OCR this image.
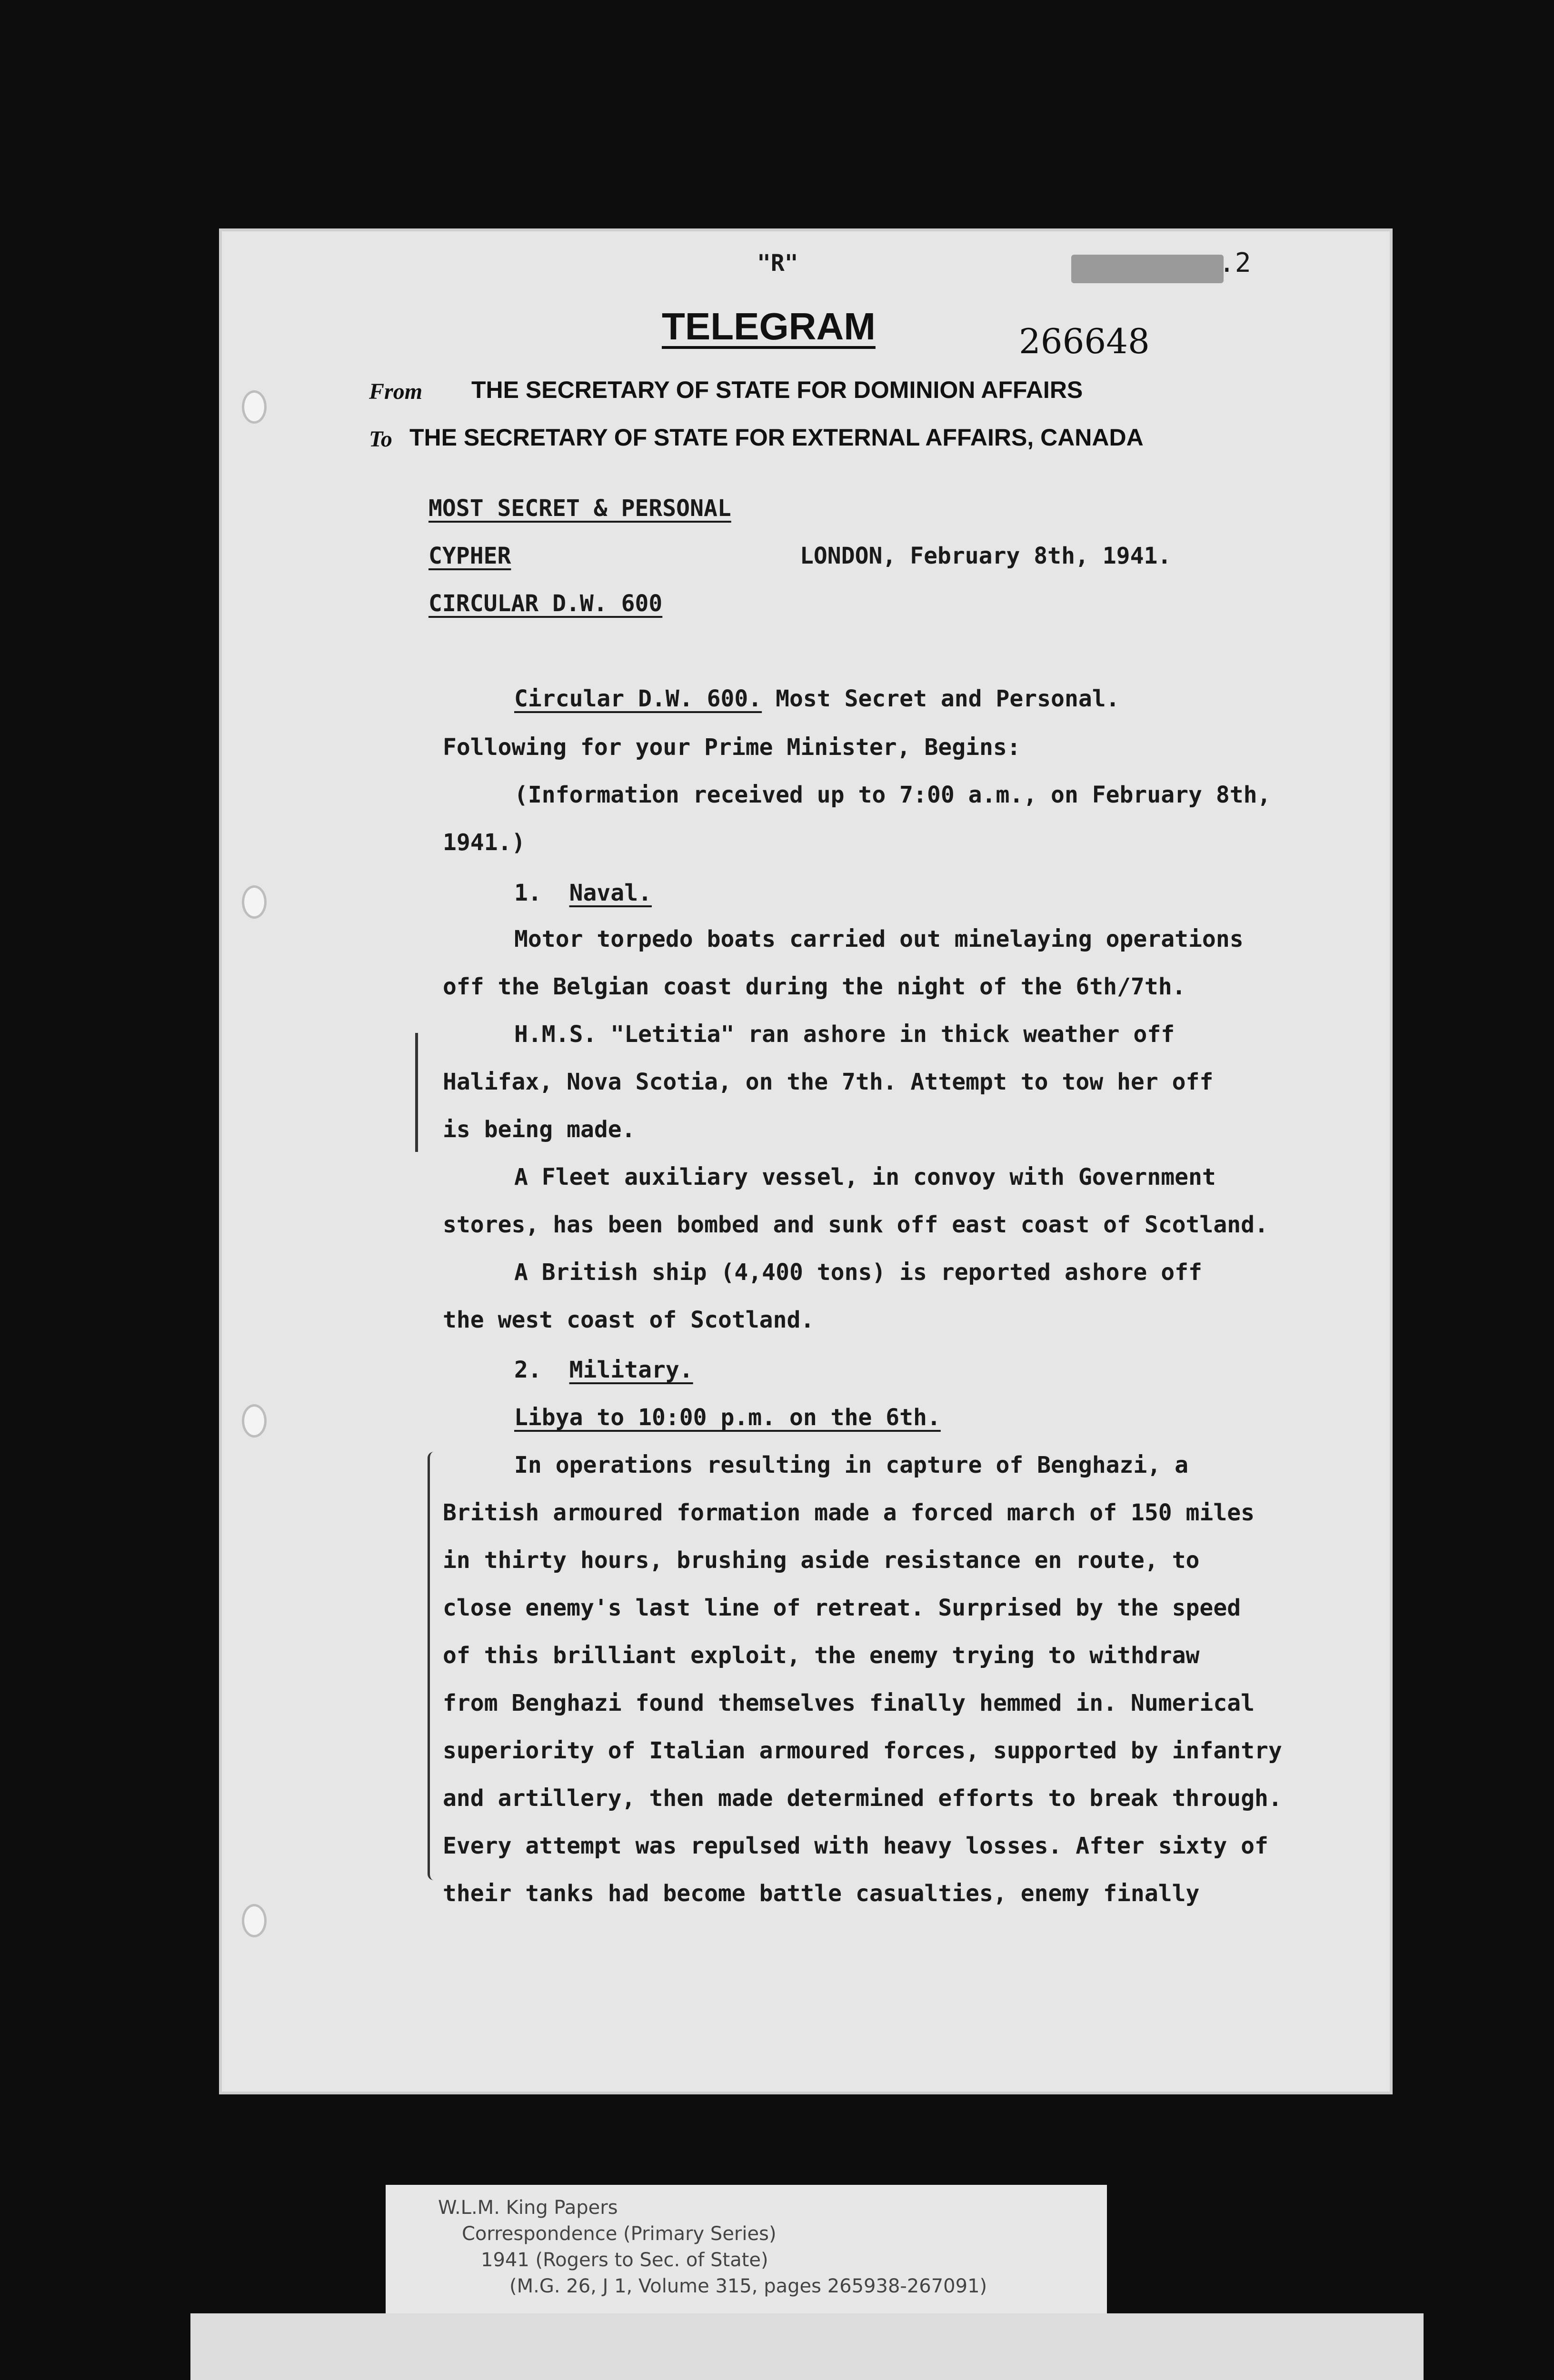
"R"	.2
TELEGRAM	266648
From THE SECRETARY OF STATE FOR DOMINION AFFAIRS
To THE SECRETARY OF STATE FOR EXTERNAL AFFAIRS, CANADA
MOST SECRET & PERSONAL
CYPHER
CIRCULAR D.W. 600
LONDON, February 8th, 1941.
Circular D.W. 600. Most Secret and Personal.
Following for your Prime Minister, Begins:
(Information received up to 7:00 a.m., on February 8th,
1941.)
1. Naval.
Motor torpedo boats carried out minelaying operations
off the Belgian coast during the night of the 6th/7th.
H.M.S. "Letitia" ran ashore in thick weather off
Halifax, Nova Scotia, on the 7th. Attempt to tow her off
is being made.
A Fleet auxiliary vessel, in convoy with Government
stores, has been bombed and sunk off east coast of Scotland.
A British ship (4,400 tons) is reported ashore off
the west coast of Scotland.
2. Military.
Libya to 10:00 p.m. on the 6th.
In operations resulting in capture of Benghazi, a
British armoured formation made a forced march of 150 miles
in thirty hours, brushing aside resistance en route, to
close enemy's last line of retreat. Surprised by the speed
of this brilliant exploit, the enemy trying to withdraw
from Benghazi found themselves finally hemmed in. Numerical
superiority of Italian armoured forces, supported by infantry
and artillery, then made determined efforts to break through.
Every attempt was repulsed with heavy losses. After sixty of
their tanks had become battle casualties, enemy finally
W.L.M. King Papers
Correspondence (Primary Series)
1941 (Rogers to Sec. of State)
(M.G. 26, J 1, Volume 315, pages 265938-267091)
